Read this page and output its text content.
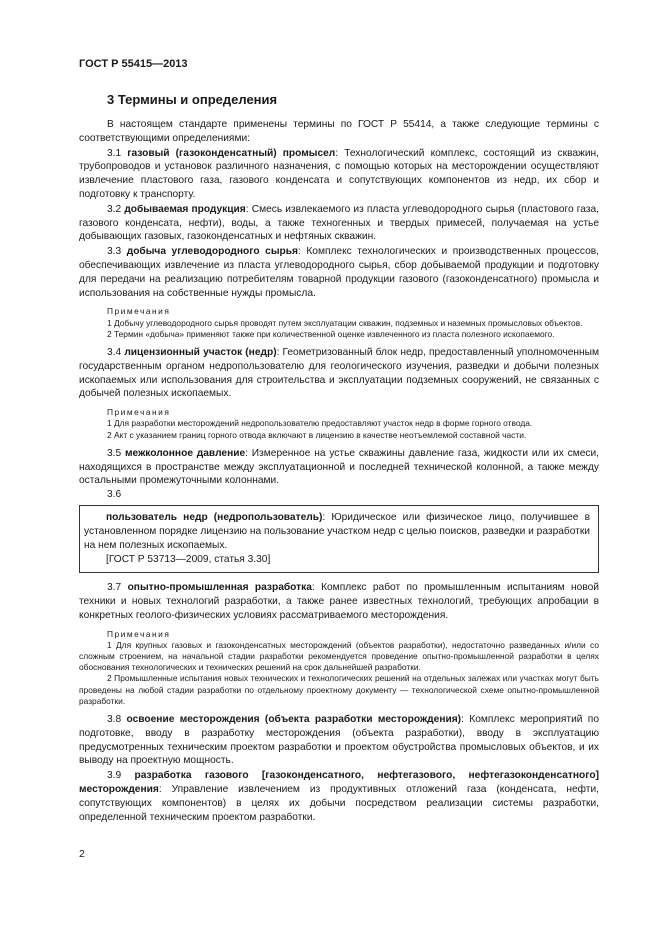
ГОСТ Р 55415—2013
3 Термины и определения

В настоящем стандарте применены термины по ГОСТ Р 55414, а также следующие термины с соответствующими определениями:

3.1 газовый (газоконденсатный) промысел: Технологический комплекс, состоящий из скважин, трубопроводов и установок различного назначения, с помощью которых на месторождении осуществляют извлечение пластового газа, газового конденсата и сопутствующих компонентов из недр, их сбор и подготовку к транспорту.

3.2 добываемая продукция: Смесь извлекаемого из пласта углеводородного сырья (пластового газа, газового конденсата, нефти), воды, а также техногенных и твердых примесей, получаемая на устье добывающих газовых, газоконденсатных и нефтяных скважин.

3.3 добыча углеводородного сырья: Комплекс технологических и производственных процессов, обеспечивающих извлечение из пласта углеводородного сырья, сбор добываемой продукции и подготовку для передачи на реализацию потребителям товарной продукции газового (газоконденсатного) промысла и использования на собственные нужды промысла.

Примечания

1 Добычу углеводородного сырья проводят путем эксплуатации скважин, подземных и наземных промысловых объектов.

2 Термин «добыча» применяют также при количественной оценке извлеченного из пласта полезного ископаемого.

3.4 лицензионный участок (недр): Геометризованный блок недр, предоставленный уполномоченным государственным органом недропользователю для геологического изучения, разведки и добычи полезных ископаемых или использования для строительства и эксплуатации подземных сооружений, не связанных с добычей полезных ископаемых.

Примечания

1 Для разработки месторождений недропользователю предоставляют участок недр в форме горного отвода.

2 Акт с указанием границ горного отвода включают в лицензию в качестве неотъемлемой составной части.

3.5 межколонное давление: Измеренное на устье скважины давление газа, жидкости или их смеси, находящихся в пространстве между эксплуатационной и последней технической колонной, а также между остальными промежуточными колоннами.

3.6

пользователь недр (недропользователь): Юридическое или физическое лицо, получившее в установленном порядке лицензию на пользование участком недр с целью поисков, разведки и разработки на нем полезных ископаемых.

[ГОСТ Р 53713—2009, статья 3.30]

3.7 опытно-промышленная разработка: Комплекс работ по промышленным испытаниям новой техники и новых технологий разработки, а также ранее известных технологий, требующих апробации в конкретных геолого-физических условиях рассматриваемого месторождения.

Примечания

1 Для крупных газовых и газоконденсатных месторождений (объектов разработки), недостаточно разведанных и/или со сложным строением, на начальной стадии разработки рекомендуется проведение опытно-промышленной разработки в целях обоснования технологических и технических решений на срок дальнейшей разработки.

2 Промышленные испытания новых технических и технологических решений на отдельных залежах или участках могут быть проведены на любой стадии разработки по отдельному проектному документу — технологической схеме опытно-промышленной разработки.

3.8 освоение месторождения (объекта разработки месторождения): Комплекс мероприятий по подготовке, вводу в разработку месторождения (объекта разработки), вводу в эксплуатацию предусмотренных техническим проектом разработки и проектом обустройства промысловых объектов, и их выводу на проектную мощность.

3.9 разработка газового [газоконденсатного, нефтегазового, нефтегазоконденсатного] месторождения: Управление извлечением из продуктивных отложений газа (конденсата, нефти, сопутствующих компонентов) в целях их добычи посредством реализации системы разработки, определенной техническим проектом разработки.

2
